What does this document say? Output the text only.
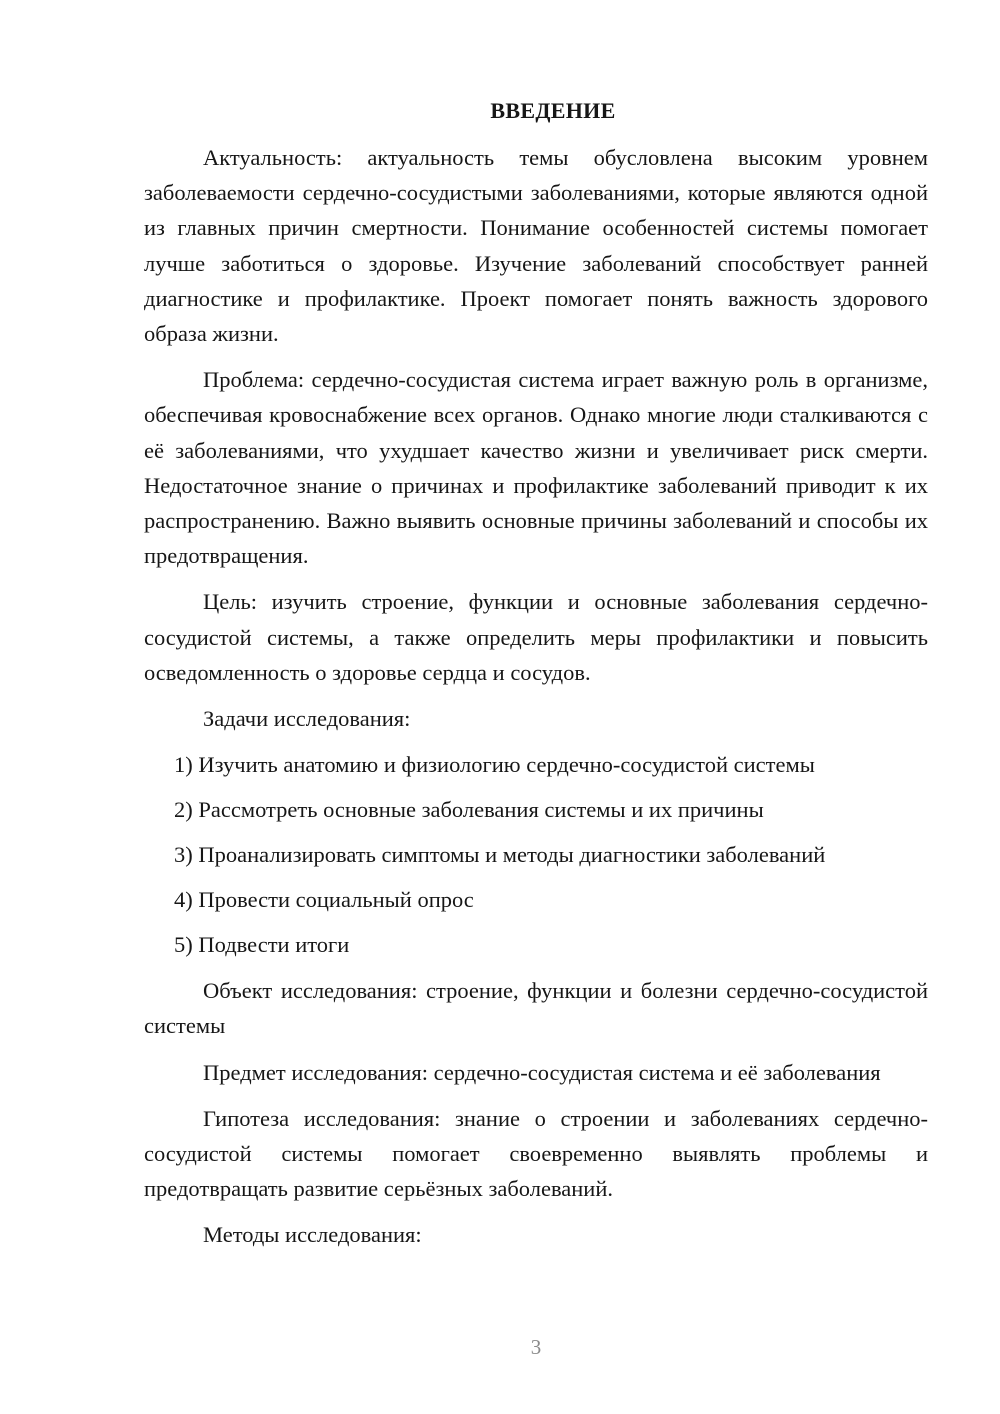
ВВЕДЕНИЕ

Актуальность: актуальность темы обусловлена высоким уровнем заболеваемости сердечно-сосудистыми заболеваниями, которые являются одной из главных причин смертности. Понимание особенностей системы помогает лучше заботиться о здоровье. Изучение заболеваний способствует ранней диагностике и профилактике. Проект помогает понять важность здорового образа жизни.

Проблема: сердечно-сосудистая система играет важную роль в организме, обеспечивая кровоснабжение всех органов. Однако многие люди сталкиваются с её заболеваниями, что ухудшает качество жизни и увеличивает риск смерти. Недостаточное знание о причинах и профилактике заболеваний приводит к их распространению. Важно выявить основные причины заболеваний и способы их предотвращения.

Цель: изучить строение, функции и основные заболевания сердечно-сосудистой системы, а также определить меры профилактики и повысить осведомленность о здоровье сердца и сосудов.

Задачи исследования:

1) Изучить анатомию и физиологию сердечно-сосудистой системы

2) Рассмотреть основные заболевания системы и их причины

3) Проанализировать симптомы и методы диагностики заболеваний

4) Провести социальный опрос

5) Подвести итоги

Объект исследования: строение, функции и болезни сердечно-сосудистой системы

Предмет исследования: сердечно-сосудистая система и её заболевания

Гипотеза исследования: знание о строении и заболеваниях сердечно-сосудистой системы помогает своевременно выявлять проблемы и предотвращать развитие серьёзных заболеваний.

Методы исследования:

3
